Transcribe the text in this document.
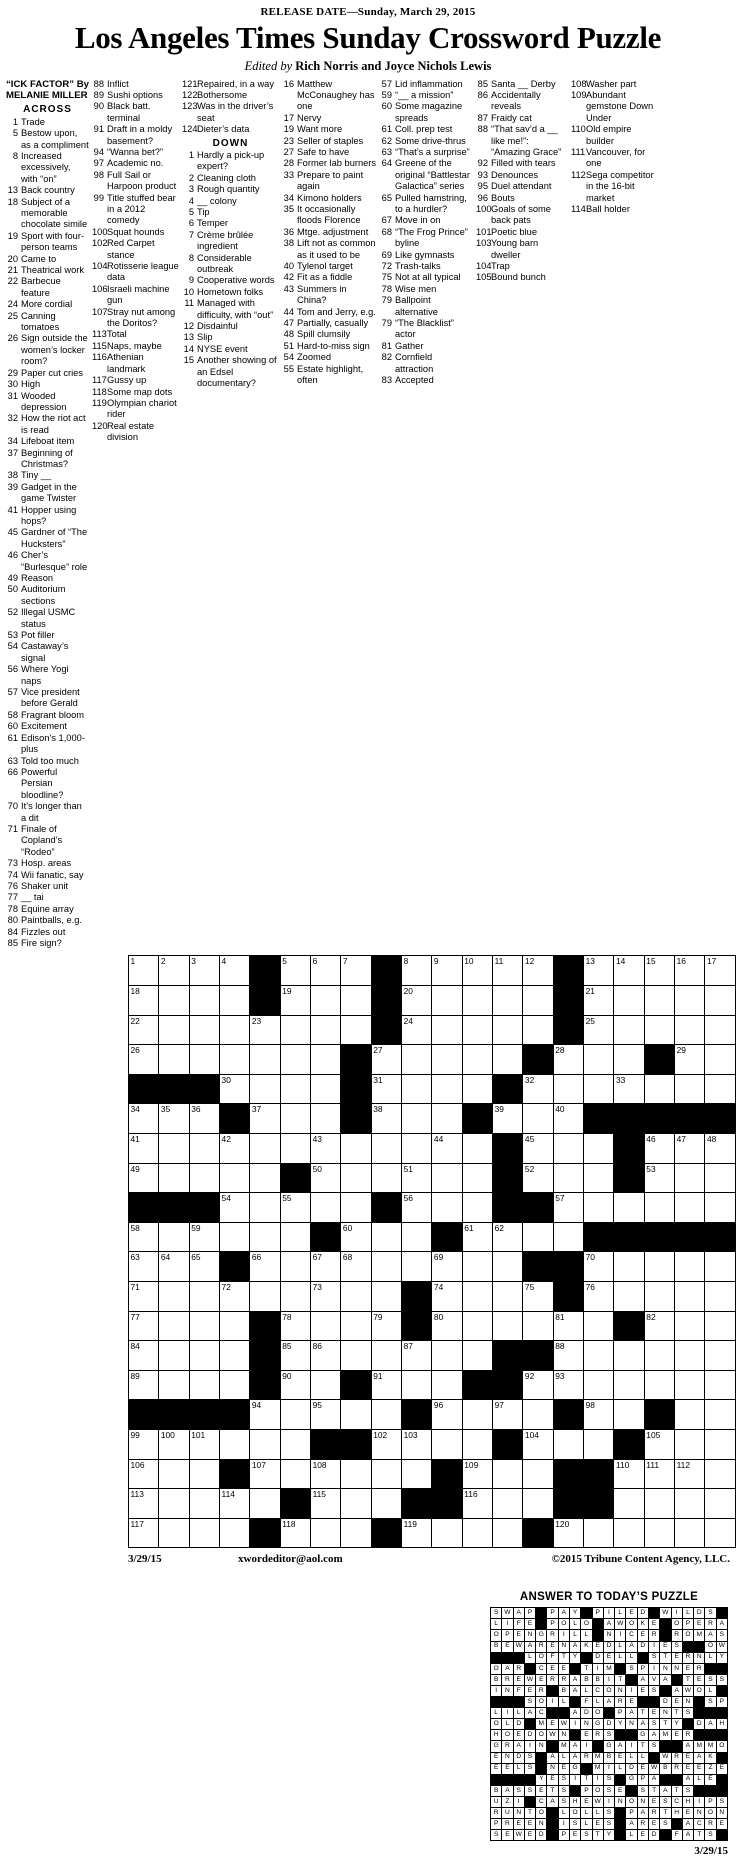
RELEASE DATE—Sunday, March 29, 2015
Los Angeles Times Sunday Crossword Puzzle
Edited by Rich Norris and Joyce Nichols Lewis
“ICK FACTOR” By MELANIE MILLER
ACROSS
1 Trade
5 Bestow upon, as a compliment
8 Increased excessively, with “on”
13 Back country
18 Subject of a memorable chocolate simile
19 Sport with four-person teams
20 Came to
21 Theatrical work
22 Barbecue feature
24 More cordial
25 Canning tomatoes
26 Sign outside the women’s locker room?
29 Paper cut cries
30 High
31 Wooded depression
32 How the riot act is read
34 Lifeboat item
37 Beginning of Christmas?
38 Tiny __
39 Gadget in the game Twister
41 Hopper using hops?
45 Gardner of “The Hucksters”
46 Cher’s “Burlesque” role
49 Reason
50 Auditorium sections
52 Illegal USMC status
53 Pot filler
54 Castaway’s signal
56 Where Yogi naps
57 Vice president before Gerald
58 Fragrant bloom
60 Excitement
61 Edison’s 1,000-plus
63 Told too much
66 Powerful Persian bloodline?
70 It’s longer than a dit
71 Finale of Copland’s “Rodeo”
73 Hosp. areas
74 Wii fanatic, say
76 Shaker unit
77 __ tai
78 Equine array
80 Paintballs, e.g.
84 Fizzles out
85 Fire sign?
88 Inflict
89 Sushi options
90 Black batt. terminal
91 Draft in a moldy basement?
94 “Wanna bet?”
97 Academic no.
98 Full Sail or Harpoon product
99 Title stuffed bear in a 2012 comedy
100 Squat hounds
102 Red Carpet stance
104 Rotisserie league data
106 Israeli machine gun
107 Stray nut among the Doritos?
113 Total
115 Naps, maybe
116 Athenian landmark
117 Gussy up
118 Some map dots
119 Olympian chariot rider
120 Real estate division
121 Repaired, in a way
122 Bothersome
123 Was in the driver’s seat
124 Dieter’s data
DOWN
1 Hardly a pick-up expert?
2 Cleaning cloth
3 Rough quantity
4 __ colony
5 Tip
6 Temper
7 Crème brûlée ingredient
8 Considerable outbreak
9 Cooperative words
10 Hometown folks
11 Managed with difficulty, with “out”
12 Disdainful
13 Slip
14 NYSE event
15 Another showing of an Edsel documentary?
16 Matthew McConaughey has one
17 Nervy
19 Want more
23 Seller of staples
27 Safe to have
28 Former lab burners
33 Prepare to paint again
34 Kimono holders
35 It occasionally floods Florence
36 Mtge. adjustment
38 Lift not as common as it used to be
40 Tylenol target
42 Fit as a fiddle
43 Summers in China?
44 Tom and Jerry, e.g.
47 Partially, casually
48 Spill clumsily
51 Hard-to-miss sign
54 Zoomed
55 Estate highlight, often
57 Lid inflammation
59 “__ a mission”
60 Some magazine spreads
61 Coll. prep test
62 Some drive-thrus
63 “That’s a surprise”
64 Greene of the original “Battlestar Galactica” series
65 Pulled hamstring, to a hurdler?
67 Move in on
68 “The Frog Prince” byline
69 Like gymnasts
72 Trash-talks
75 Not at all typical
78 Wise men
79 Ballpoint alternative
79 “The Blacklist” actor
81 Gather
82 Cornfield attraction
83 Accepted
85 Santa __ Derby
86 Accidentally reveals
87 Fraidy cat
88 “That sav’d a __ like me!”: “Amazing Grace”
92 Filled with tears
93 Denounces
95 Duel attendant
96 Bouts
100 Goals of some back pats
101 Poetic blue
103 Young barn dweller
104 Trap
105 Bound bunch
108 Washer part
109 Abundant gemstone Down Under
110 Old empire builder
111 Vancouver, for one
112 Sega competitor in the 16-bit market
114 Ball holder
1	2	3	4		5	6	7		8	9	10	11	12		13	14	15	16	17

18					19				20						21				

22				23					24						25				

26								27						28				29	

			30					31					32			33			

34	35	36		37				38				39		40					

41			42			43				44			45				46	47	48

49						50			51				52				53		

			54		55				56					57					

58		59					60				61	62							

63	64	65		66		67	68			69					70				

71			72			73				74			75		76				

77					78			79		80				81			82		

84					85	86			87					88					

89					90			91					92	93					

				94		95				96		97			98				

99	100	101						102	103				104				105		

106				107		108					109					110	111	112	

113			114			115					116								

117					118				119					120					

3/29/15	xwordeditor@aol.com	©2015 Tribune Content Agency, LLC.
ANSWER TO TODAY’S PUZZLE
S	W	A	P		P	A	Y		P	I	L	E	D		W	I	L	D	S	
L	I	F	E		P	O	L	O		A	W	O	K	E		O	P	E	R	A
O	P	E	N	G	R	I	L	L		N	I	C	E	R		R	O	M	A	S
B	E	W	A	R	E	N	A	K	E	D	L	A	D	I	E	S			O	W
			L	O	F	T	Y		D	E	L	L		S	T	E	R	N	L	Y
O	A	R		C	E	E		T	I	M		S	P	I	N	N	E	R		
B	R	E	W	E	R	R	A	B	B	I	T		A	V	A		T	E	S	S
I	N	F	E	R		B	A	L	C	O	N	I	E	S		A	W	O	L	
			S	O	I	L		F	L	A	R	E			D	E	N		S	P
L	I	L	A	C			A	D	O		P	A	T	E	N	T	S			
O	L	D		M	E	W	I	N	G	D	Y	N	A	S	T	Y		D	A	H
H	O	E	D	O	W	N		E	R	S			G	A	M	E	R			
G	R	A	I	N		M	A	I		G	A	I	T	S			A	M	M	O
E	N	D	S		A	L	A	R	M	B	E	L	L		W	R	E	A	K	
E	E	L	S		N	E	G		M	I	L	D	E	W	B	R	E	E	Z	E
				Y	E	S	I	T	I	S		G	P	A			A	L	E	
B	A	S	S	E	T	S		P	O	S	E		S	T	A	T	S			
U	Z	I		C	A	S	H	E	W	I	N	O	N	E	S	C	H	I	P	S
R	U	N	T	O		L	O	L	L	S		P	A	R	T	H	E	N	O	N
P	R	E	E	N		I	S	L	E	S		A	R	E	S		A	C	R	E
S	E	W	E	D		P	E	S	T	Y		L	E	D		F	A	T	S	
3/29/15
